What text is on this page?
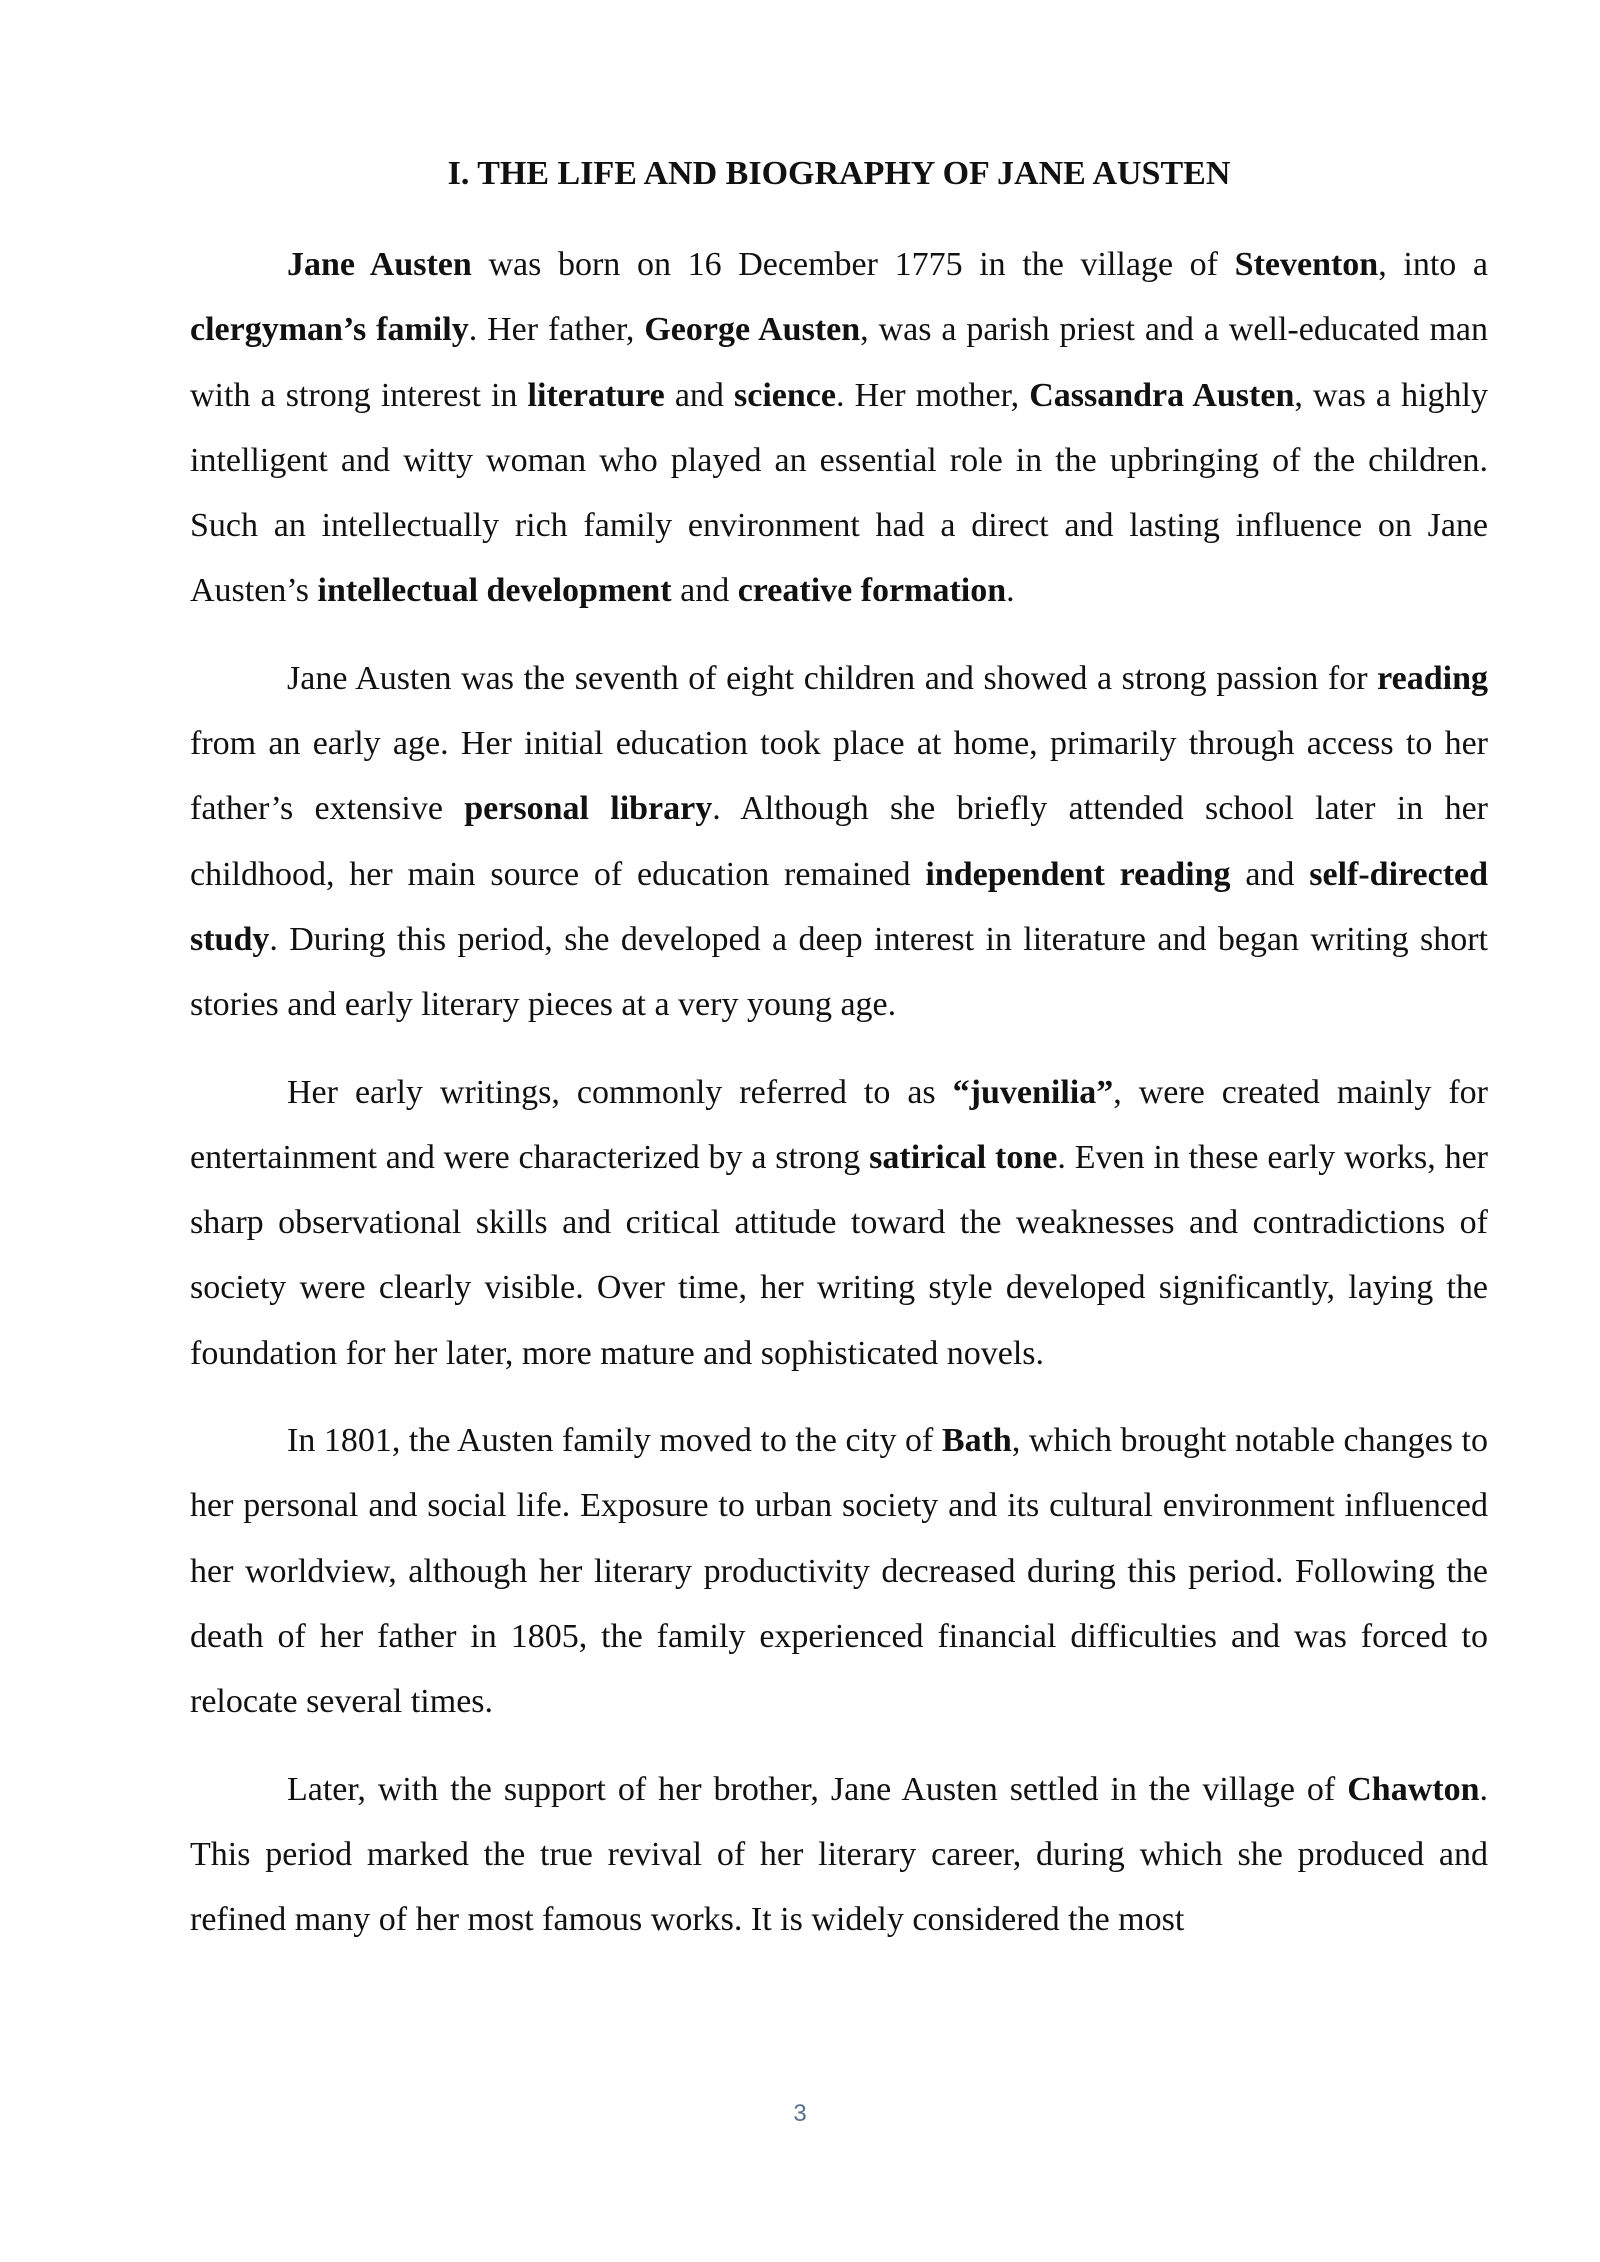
I. THE LIFE AND BIOGRAPHY OF JANE AUSTEN

Jane Austen was born on 16 December 1775 in the village of Steventon, into a clergyman’s family. Her father, George Austen, was a parish priest and a well-educated man with a strong interest in literature and science. Her mother, Cassandra Austen, was a highly intelligent and witty woman who played an essential role in the upbringing of the children. Such an intellectually rich family environment had a direct and lasting influence on Jane Austen’s intellectual development and creative formation.

Jane Austen was the seventh of eight children and showed a strong passion for reading from an early age. Her initial education took place at home, primarily through access to her father’s extensive personal library. Although she briefly attended school later in her childhood, her main source of education remained independent reading and self-directed study. During this period, she developed a deep interest in literature and began writing short stories and early literary pieces at a very young age.

Her early writings, commonly referred to as “juvenilia”, were created mainly for entertainment and were characterized by a strong satirical tone. Even in these early works, her sharp observational skills and critical attitude toward the weaknesses and contradictions of society were clearly visible. Over time, her writing style developed significantly, laying the foundation for her later, more mature and sophisticated novels.

In 1801, the Austen family moved to the city of Bath, which brought notable changes to her personal and social life. Exposure to urban society and its cultural environment influenced her worldview, although her literary productivity decreased during this period. Following the death of her father in 1805, the family experienced financial difficulties and was forced to relocate several times.

Later, with the support of her brother, Jane Austen settled in the village of Chawton. This period marked the true revival of her literary career, during which she produced and refined many of her most famous works. It is widely considered the most

3
